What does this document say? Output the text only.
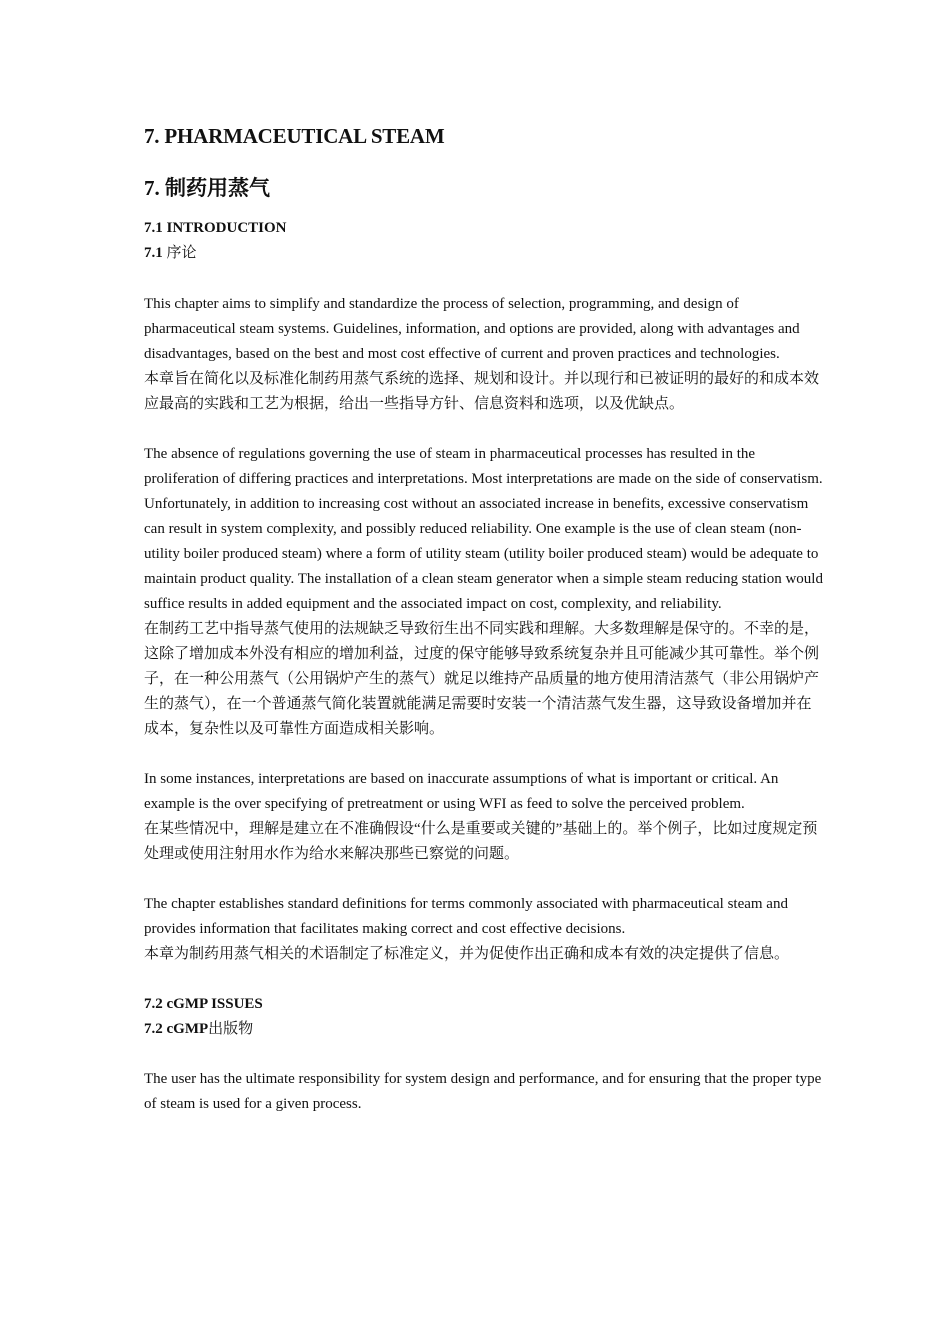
7. PHARMACEUTICAL STEAM
7. 制药用蒸气
7.1 INTRODUCTION
7.1 序论

This chapter aims to simplify and standardize the process of selection, programming, and design of pharmaceutical steam systems. Guidelines, information, and options are provided, along with advantages and disadvantages, based on the best and most cost effective of current and proven practices and technologies.

本章旨在简化以及标准化制药用蒸气系统的选择、规划和设计。并以现行和已被证明的最好的和成本效应最高的实践和工艺为根据，给出一些指导方针、信息资料和选项，以及优缺点。

The absence of regulations governing the use of steam in pharmaceutical processes has resulted in the proliferation of differing practices and interpretations. Most interpretations are made on the side of conservatism. Unfortunately, in addition to increasing cost without an associated increase in benefits, excessive conservatism can result in system complexity, and possibly reduced reliability. One example is the use of clean steam (non-utility boiler produced steam) where a form of utility steam (utility boiler produced steam) would be adequate to maintain product quality. The installation of a clean steam generator when a simple steam reducing station would suffice results in added equipment and the associated impact on cost, complexity, and reliability.

在制药工艺中指导蒸气使用的法规缺乏导致衍生出不同实践和理解。大多数理解是保守的。不幸的是，这除了增加成本外没有相应的增加利益，过度的保守能够导致系统复杂并且可能减少其可靠性。举个例子，在一种公用蒸气（公用锅炉产生的蒸气）就足以维持产品质量的地方使用清洁蒸气（非公用锅炉产生的蒸气），在一个普通蒸气简化装置就能满足需要时安装一个清洁蒸气发生器，这导致设备增加并在成本，复杂性以及可靠性方面造成相关影响。

In some instances, interpretations are based on inaccurate assumptions of what is important or critical. An example is the over specifying of pretreatment or using WFI as feed to solve the perceived problem.

在某些情况中，理解是建立在不准确假设“什么是重要或关键的”基础上的。举个例子，比如过度规定预处理或使用注射用水作为给水来解决那些已察觉的问题。

The chapter establishes standard definitions for terms commonly associated with pharmaceutical steam and provides information that facilitates making correct and cost effective decisions.

本章为制药用蒸气相关的术语制定了标准定义，并为促使作出正确和成本有效的决定提供了信息。

7.2 cGMP ISSUES
7.2 cGMP出版物

The user has the ultimate responsibility for system design and performance, and for ensuring that the proper type of steam is used for a given process.
